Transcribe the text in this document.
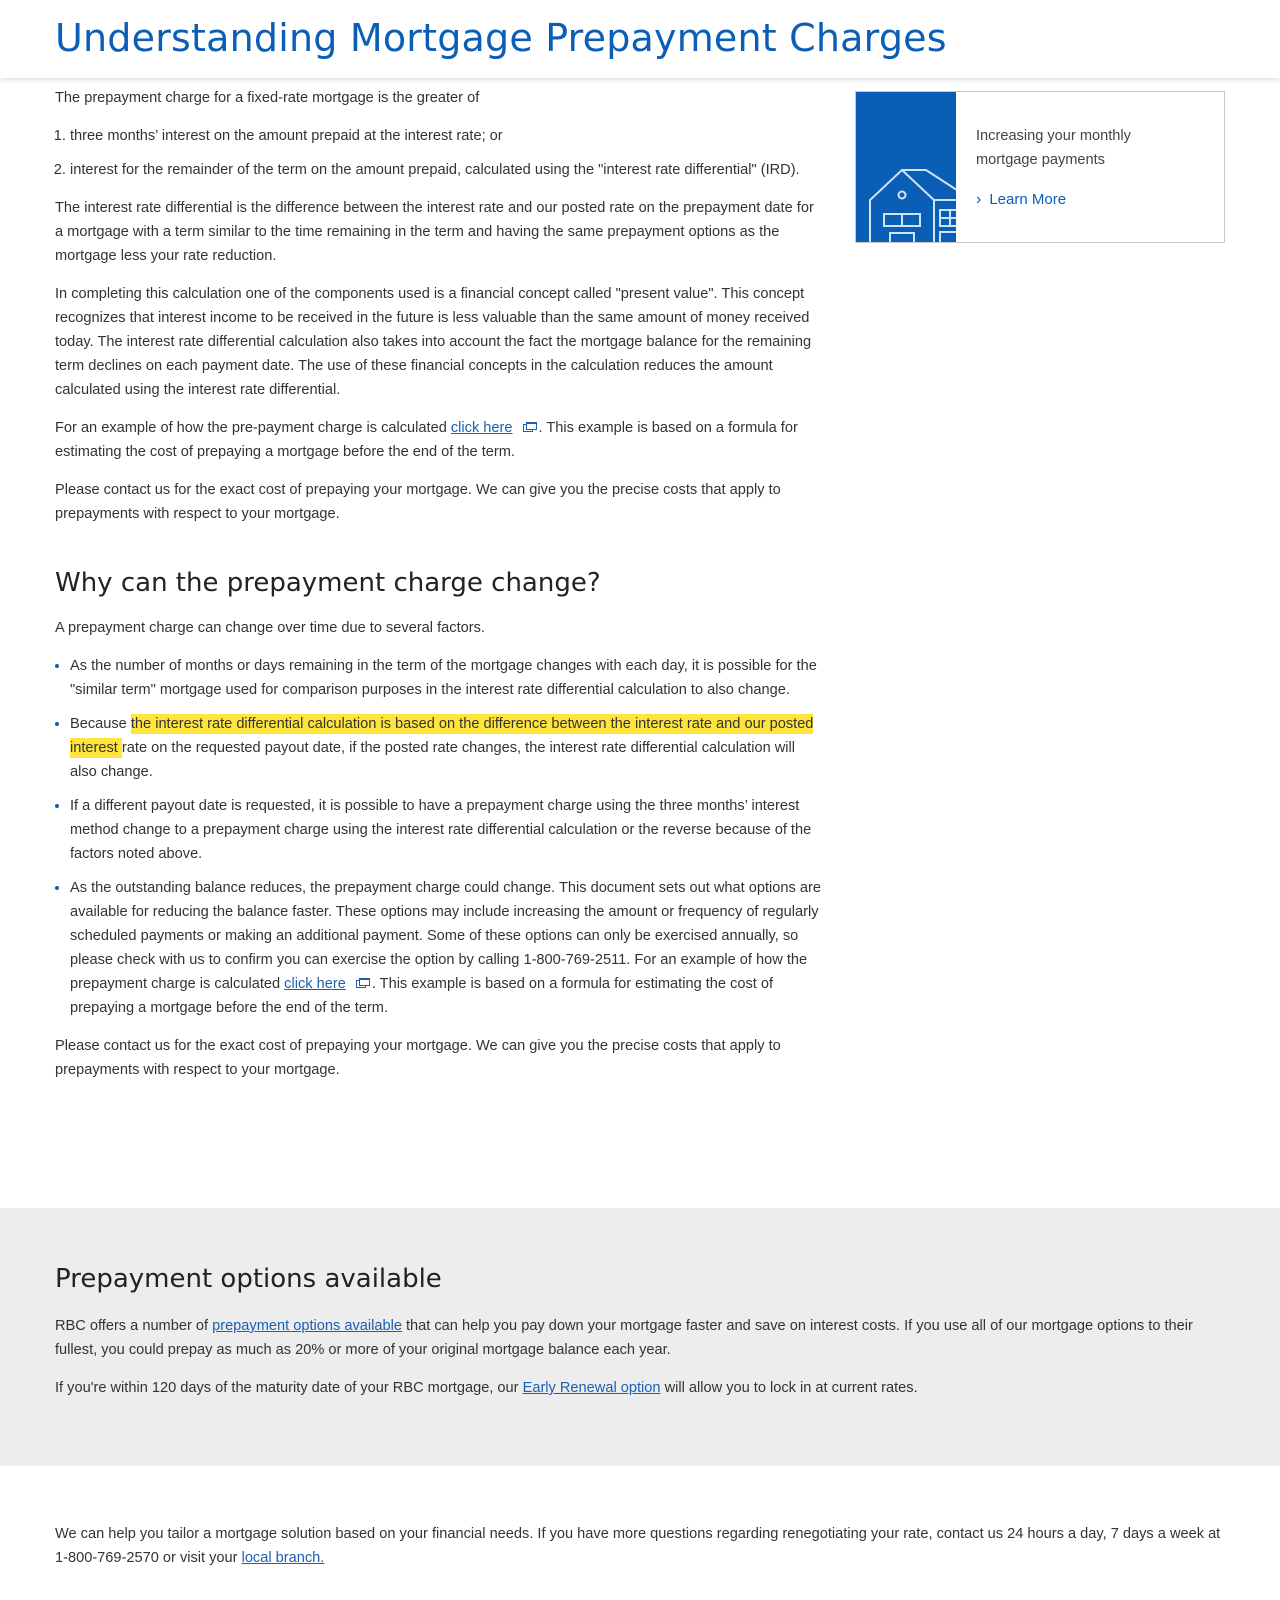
Understanding Mortgage Prepayment Charges

The prepayment charge for a fixed-rate mortgage is the greater of

1. three months’ interest on the amount prepaid at the interest rate; or
2. interest for the remainder of the term on the amount prepaid, calculated using the "interest rate differential" (IRD).

The interest rate differential is the difference between the interest rate and our posted rate on the prepayment date for a mortgage with a term similar to the time remaining in the term and having the same prepayment options as the mortgage less your rate reduction.

In completing this calculation one of the components used is a financial concept called "present value". This concept recognizes that interest income to be received in the future is less valuable than the same amount of money received today. The interest rate differential calculation also takes into account the fact the mortgage balance for the remaining term declines on each payment date. The use of these financial concepts in the calculation reduces the amount calculated using the interest rate differential.

For an example of how the pre-payment charge is calculated click here . This example is based on a formula for estimating the cost of prepaying a mortgage before the end of the term.

Please contact us for the exact cost of prepaying your mortgage. We can give you the precise costs that apply to prepayments with respect to your mortgage.

Why can the prepayment charge change?

A prepayment charge can change over time due to several factors.

• As the number of months or days remaining in the term of the mortgage changes with each day, it is possible for the "similar term" mortgage used for comparison purposes in the interest rate differential calculation to also change.
• Because the interest rate differential calculation is based on the difference between the interest rate and our posted interest rate on the requested payout date, if the posted rate changes, the interest rate differential calculation will also change.
• If a different payout date is requested, it is possible to have a prepayment charge using the three months’ interest method change to a prepayment charge using the interest rate differential calculation or the reverse because of the factors noted above.
• As the outstanding balance reduces, the prepayment charge could change. This document sets out what options are available for reducing the balance faster. These options may include increasing the amount or frequency of regularly scheduled payments or making an additional payment. Some of these options can only be exercised annually, so please check with us to confirm you can exercise the option by calling 1-800-769-2511. For an example of how the prepayment charge is calculated click here . This example is based on a formula for estimating the cost of prepaying a mortgage before the end of the term.

Please contact us for the exact cost of prepaying your mortgage. We can give you the precise costs that apply to prepayments with respect to your mortgage.

Increasing your monthly mortgage payments
› Learn More
Prepayment options available

RBC offers a number of prepayment options available that can help you pay down your mortgage faster and save on interest costs. If you use all of our mortgage options to their fullest, you could prepay as much as 20% or more of your original mortgage balance each year.

If you're within 120 days of the maturity date of your RBC mortgage, our Early Renewal option will allow you to lock in at current rates.

We can help you tailor a mortgage solution based on your financial needs. If you have more questions regarding renegotiating your rate, contact us 24 hours a day, 7 days a week at 1-800-769-2570 or visit your local branch.
